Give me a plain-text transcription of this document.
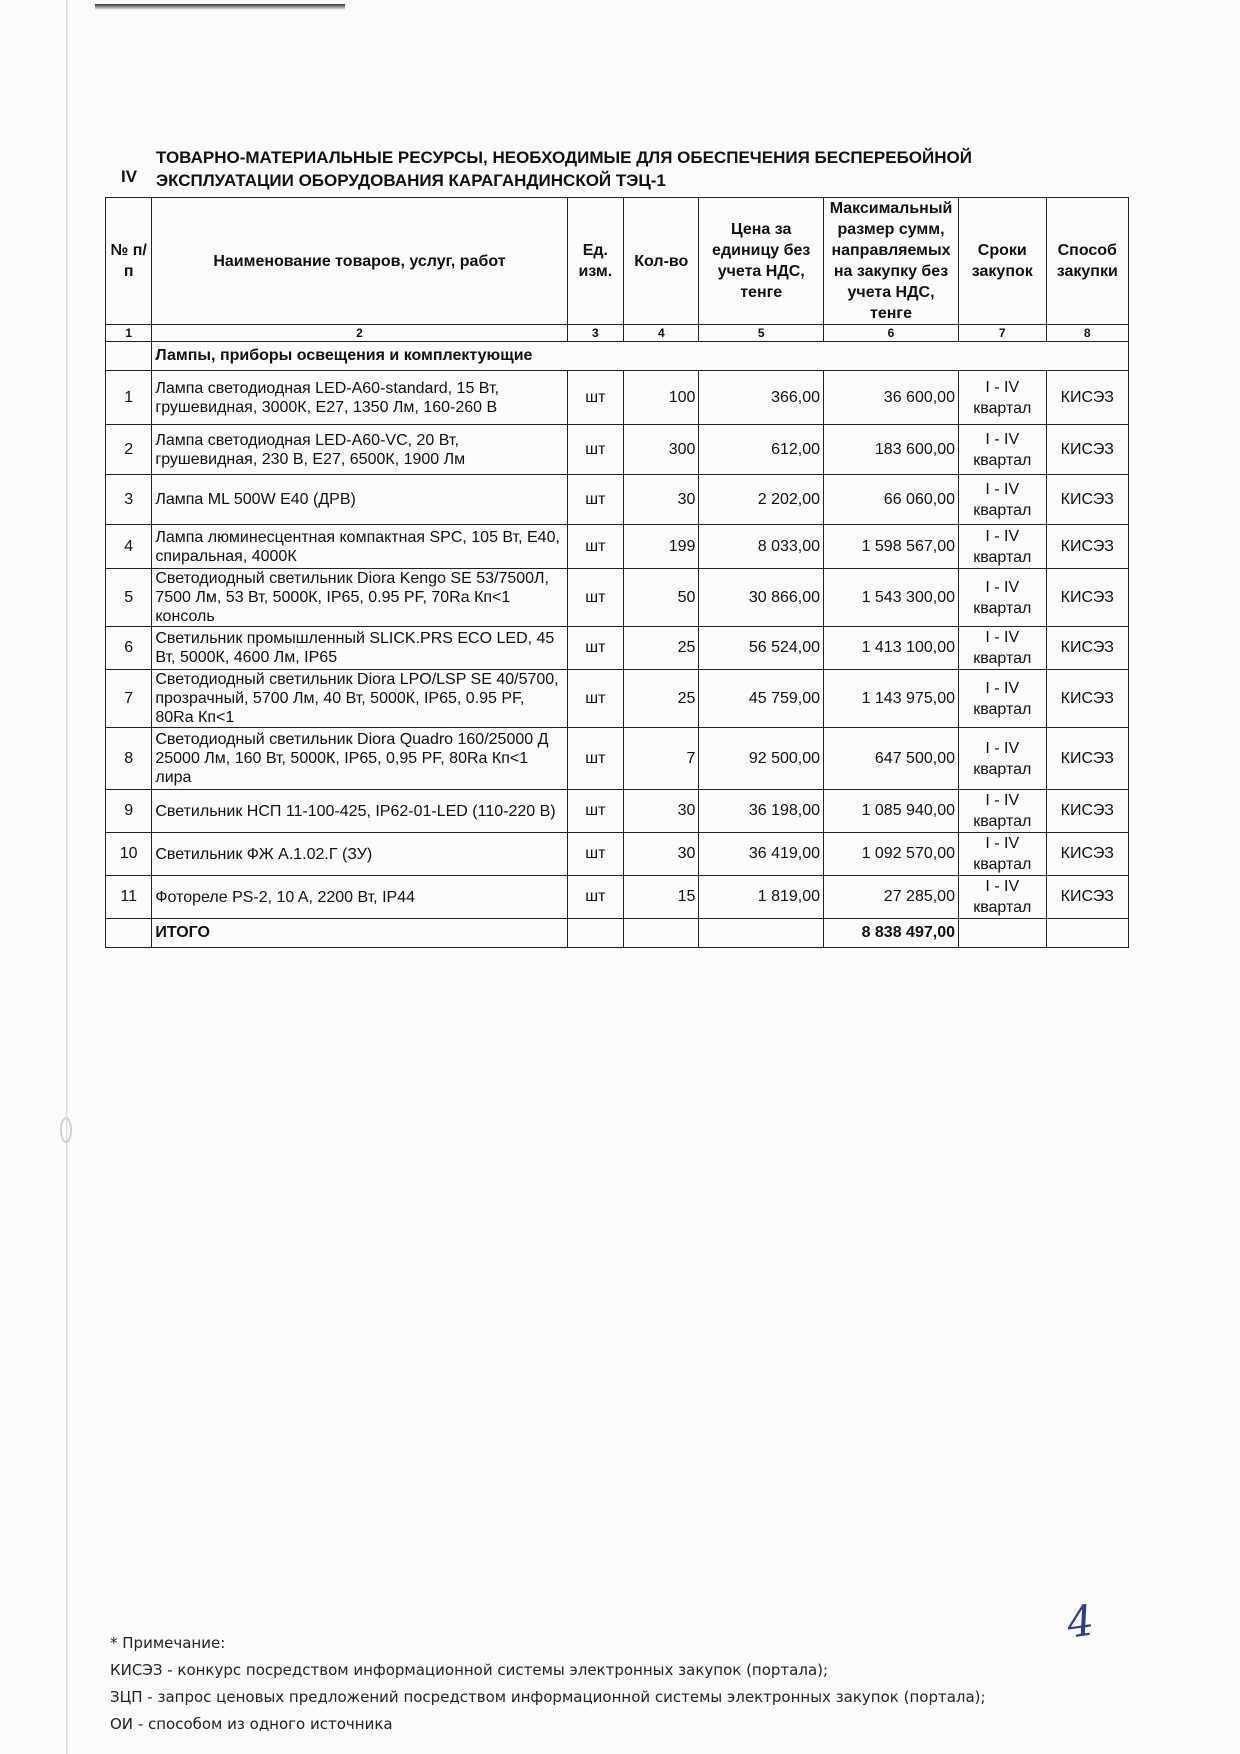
IV
ТОВАРНО-МАТЕРИАЛЬНЫЕ РЕСУРСЫ, НЕОБХОДИМЫЕ ДЛЯ ОБЕСПЕЧЕНИЯ БЕСПЕРЕБОЙНОЙ ЭКСПЛУАТАЦИИ ОБОРУДОВАНИЯ КАРАГАНДИНСКОЙ ТЭЦ-1
№ п/п	Наименование товаров, услуг, работ	Ед. изм.	Кол-во	Цена за единицу без учета НДС, тенге	Максимальный размер сумм, направляемых на закупку без учета НДС, тенге	Сроки закупок	Способ закупки
1	2	3	4	5	6	7	8
	Лампы, приборы освещения и комплектующие						
1	Лампа светодиодная LED-A60-standard, 15 Вт, грушевидная, 3000К, E27, 1350 Лм, 160-260 В	шт	100	366,00	36 600,00	I - IV квартал	КИСЭЗ
2	Лампа светодиодная LED-A60-VC, 20 Вт, грушевидная, 230 В, Е27, 6500К, 1900 Лм	шт	300	612,00	183 600,00	I - IV квартал	КИСЭЗ
3	Лампа ML 500W E40 (ДРВ)	шт	30	2 202,00	66 060,00	I - IV квартал	КИСЭЗ
4	Лампа люминесцентная компактная SPC, 105 Вт, Е40, спиральная, 4000К	шт	199	8 033,00	1 598 567,00	I - IV квартал	КИСЭЗ
5	Светодиодный светильник Diora Kengo SE 53/7500Л, 7500 Лм, 53 Вт, 5000К, IP65, 0.95 PF, 70Ra Кп<1 консоль	шт	50	30 866,00	1 543 300,00	I - IV квартал	КИСЭЗ
6	Светильник промышленный SLICK.PRS ECO LED, 45 Вт, 5000К, 4600 Лм, IP65	шт	25	56 524,00	1 413 100,00	I - IV квартал	КИСЭЗ
7	Светодиодный светильник Diora LPO/LSP SE 40/5700, прозрачный, 5700 Лм, 40 Вт, 5000К, IP65, 0.95 PF, 80Ra Кп<1	шт	25	45 759,00	1 143 975,00	I - IV квартал	КИСЭЗ
8	Светодиодный светильник Diora Quadro 160/25000 Д 25000 Лм, 160 Вт, 5000К, IP65, 0,95 PF, 80Ra Кп<1 лира	шт	7	92 500,00	647 500,00	I - IV квартал	КИСЭЗ
9	Светильник НСП 11-100-425, IP62-01-LED (110-220 В)	шт	30	36 198,00	1 085 940,00	I - IV квартал	КИСЭЗ
10	Светильник ФЖ А.1.02.Г (ЗУ)	шт	30	36 419,00	1 092 570,00	I - IV квартал	КИСЭЗ
11	Фотореле PS-2, 10 A, 2200 Вт, IP44	шт	15	1 819,00	27 285,00	I - IV квартал	КИСЭЗ
	ИТОГО				8 838 497,00		
4
* Примечание:
КИСЭЗ - конкурс посредством информационной системы электронных закупок (портала);
ЗЦП - запрос ценовых предложений посредством информационной системы электронных закупок (портала);
ОИ - способом из одного источника
